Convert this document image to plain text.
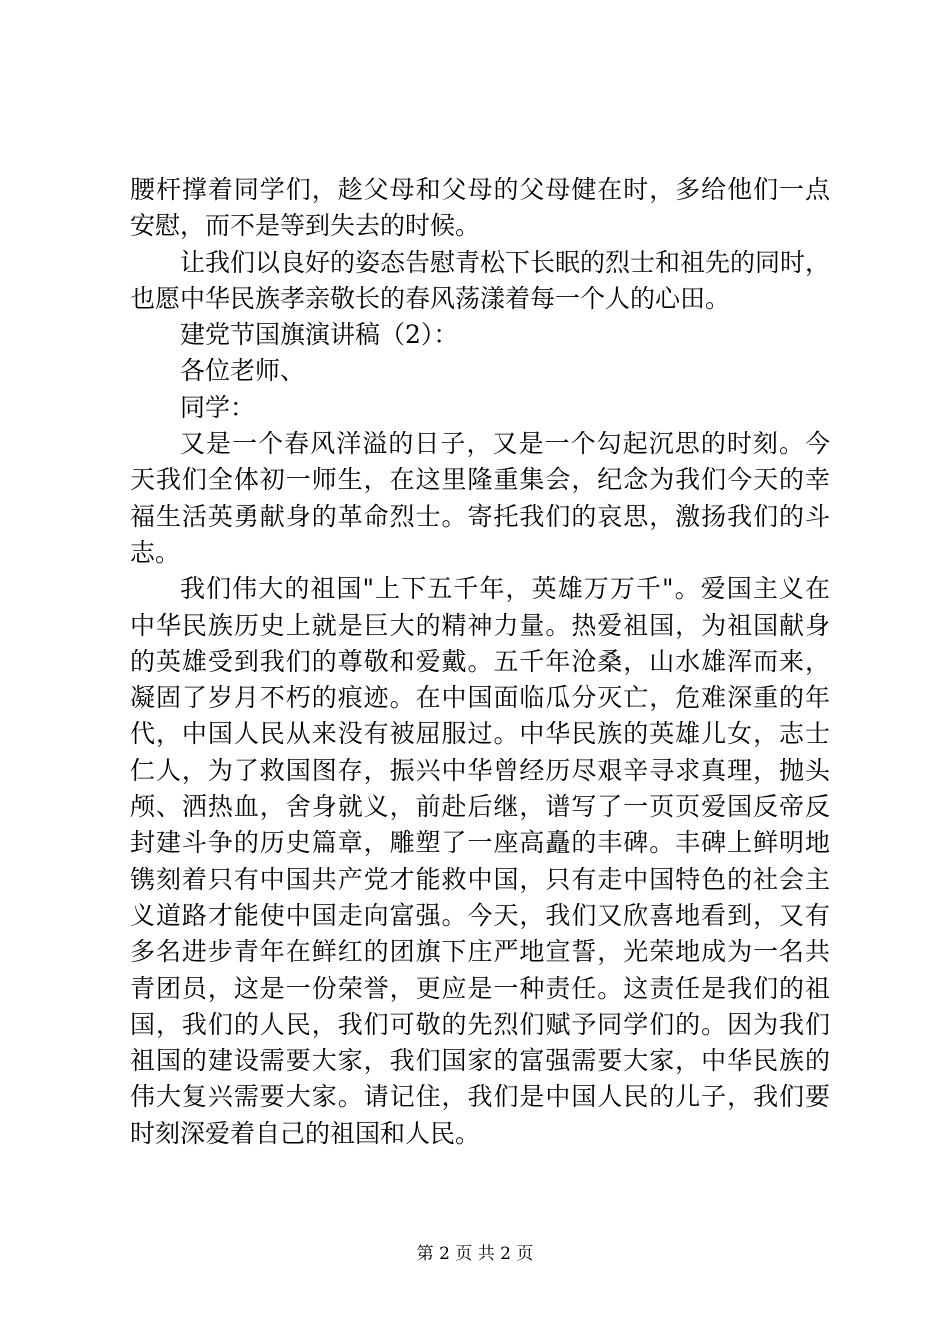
腰杆撑着同学们，趁父母和父母的父母健在时，多给他们一点
安慰，而不是等到失去的时候。
让我们以良好的姿态告慰青松下长眠的烈士和祖先的同时，
也愿中华民族孝亲敬长的春风荡漾着每一个人的心田。
建党节国旗演讲稿（2）：
各位老师、
同学：
又是一个春风洋溢的日子，又是一个勾起沉思的时刻。今
天我们全体初一师生，在这里隆重集会，纪念为我们今天的幸
福生活英勇献身的革命烈士。寄托我们的哀思，激扬我们的斗
志。
我们伟大的祖国"上下五千年，英雄万万千"。爱国主义在
中华民族历史上就是巨大的精神力量。热爱祖国，为祖国献身
的英雄受到我们的尊敬和爱戴。五千年沧桑，山水雄浑而来，
凝固了岁月不朽的痕迹。在中国面临瓜分灭亡，危难深重的年
代，中国人民从来没有被屈服过。中华民族的英雄儿女，志士
仁人，为了救国图存，振兴中华曾经历尽艰辛寻求真理，抛头
颅、洒热血，舍身就义，前赴后继，谱写了一页页爱国反帝反
封建斗争的历史篇章，雕塑了一座高矗的丰碑。丰碑上鲜明地
镌刻着只有中国共产党才能救中国，只有走中国特色的社会主
义道路才能使中国走向富强。今天，我们又欣喜地看到，又有
多名进步青年在鲜红的团旗下庄严地宣誓，光荣地成为一名共
青团员，这是一份荣誉，更应是一种责任。这责任是我们的祖
国，我们的人民，我们可敬的先烈们赋予同学们的。因为我们
祖国的建设需要大家，我们国家的富强需要大家，中华民族的
伟大复兴需要大家。请记住，我们是中国人民的儿子，我们要
时刻深爱着自己的祖国和人民。
第 2 页 共 2 页
